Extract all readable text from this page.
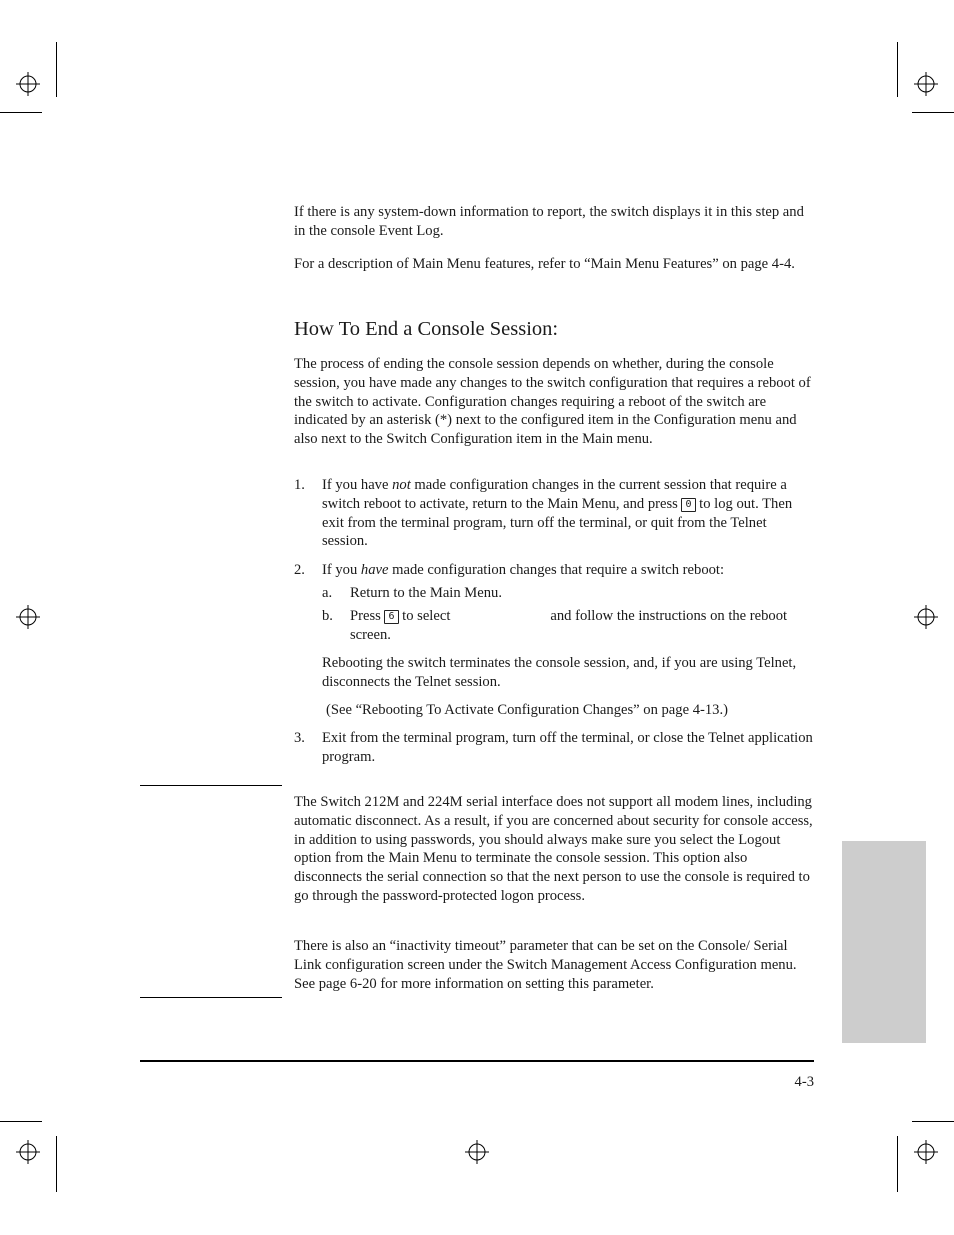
If there is any system-down information to report, the switch displays it in this step and in the console Event Log.

For a description of Main Menu features, refer to “Main Menu Features” on page 4-4.

How To End a Console Session:

The process of ending the console session depends on whether, during the console session, you have made any changes to the switch configuration that requires a reboot of the switch to activate. Configuration changes requiring a reboot of the switch are indicated by an asterisk (*) next to the configured item in the Configuration menu and also next to the Switch Configuration item in the Main menu.

1. If you have not made configuration changes in the current session that require a switch reboot to activate, return to the Main Menu, and press 0 to log out. Then exit from the terminal program, turn off the terminal, or quit from the Telnet session.
2. If you have made configuration changes that require a switch reboot:
a. Return to the Main Menu.
b. Press 6 to select	and follow the instructions on the reboot screen.

Rebooting the switch terminates the console session, and, if you are using Telnet, disconnects the Telnet session.

(See “Rebooting To Activate Configuration Changes” on page 4-13.)

3. Exit from the terminal program, turn off the terminal, or close the Telnet application program.

The Switch 212M and 224M serial interface does not support all modem lines, including automatic disconnect. As a result, if you are concerned about security for console access, in addition to using passwords, you should always make sure you select the Logout option from the Main Menu to terminate the console session. This option also disconnects the serial connection so that the next person to use the console is required to go through the password-protected logon process.

There is also an “inactivity timeout” parameter that can be set on the Console/ Serial Link configuration screen under the Switch Management Access Configuration menu. See page 6-20 for more information on setting this parameter.

4-3
